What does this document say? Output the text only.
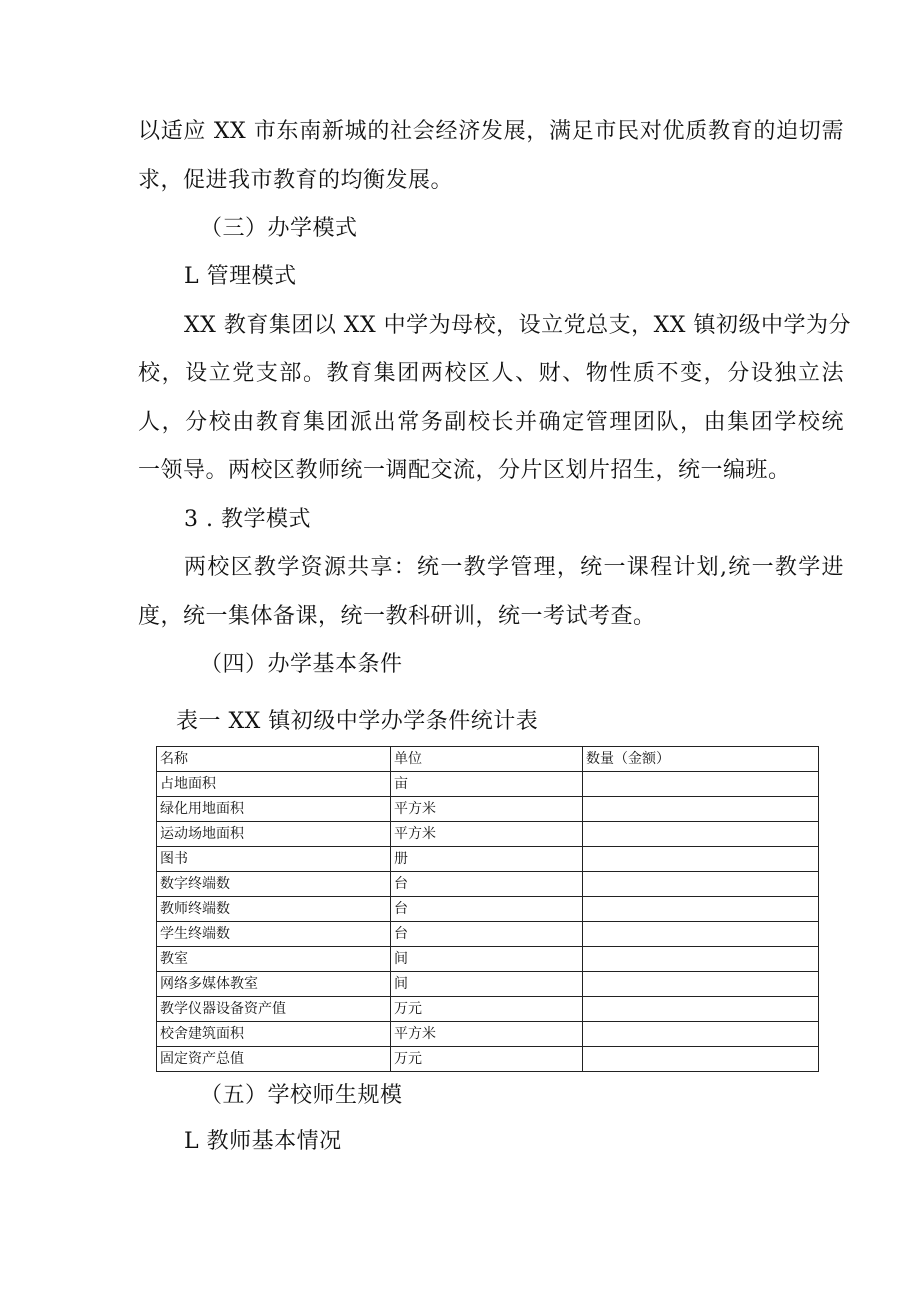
以适应 XX 市东南新城的社会经济发展，满足市民对优质教育的迫切需
求，促进我市教育的均衡发展。
（三）办学模式
L 管理模式
XX 教育集团以 XX 中学为母校，设立党总支，XX 镇初级中学为分
校，设立党支部。教育集团两校区人、财、物性质不变，分设独立法
人，分校由教育集团派出常务副校长并确定管理团队，由集团学校统
一领导。两校区教师统一调配交流，分片区划片招生，统一编班。
3 . 教学模式
两校区教学资源共享：统一教学管理，统一课程计划,统一教学进
度，统一集体备课，统一教科研训，统一考试考查。
（四）办学基本条件
表一 XX 镇初级中学办学条件统计表
名称	单位	数量（金额）
占地面积	亩	
绿化用地面积	平方米	
运动场地面积	平方米	
图书	册	
数字终端数	台	
教师终端数	台	
学生终端数	台	
教室	间	
网络多媒体教室	间	
教学仪器设备资产值	万元	
校舍建筑面积	平方米	
固定资产总值	万元	
（五）学校师生规模
L 教师基本情况
